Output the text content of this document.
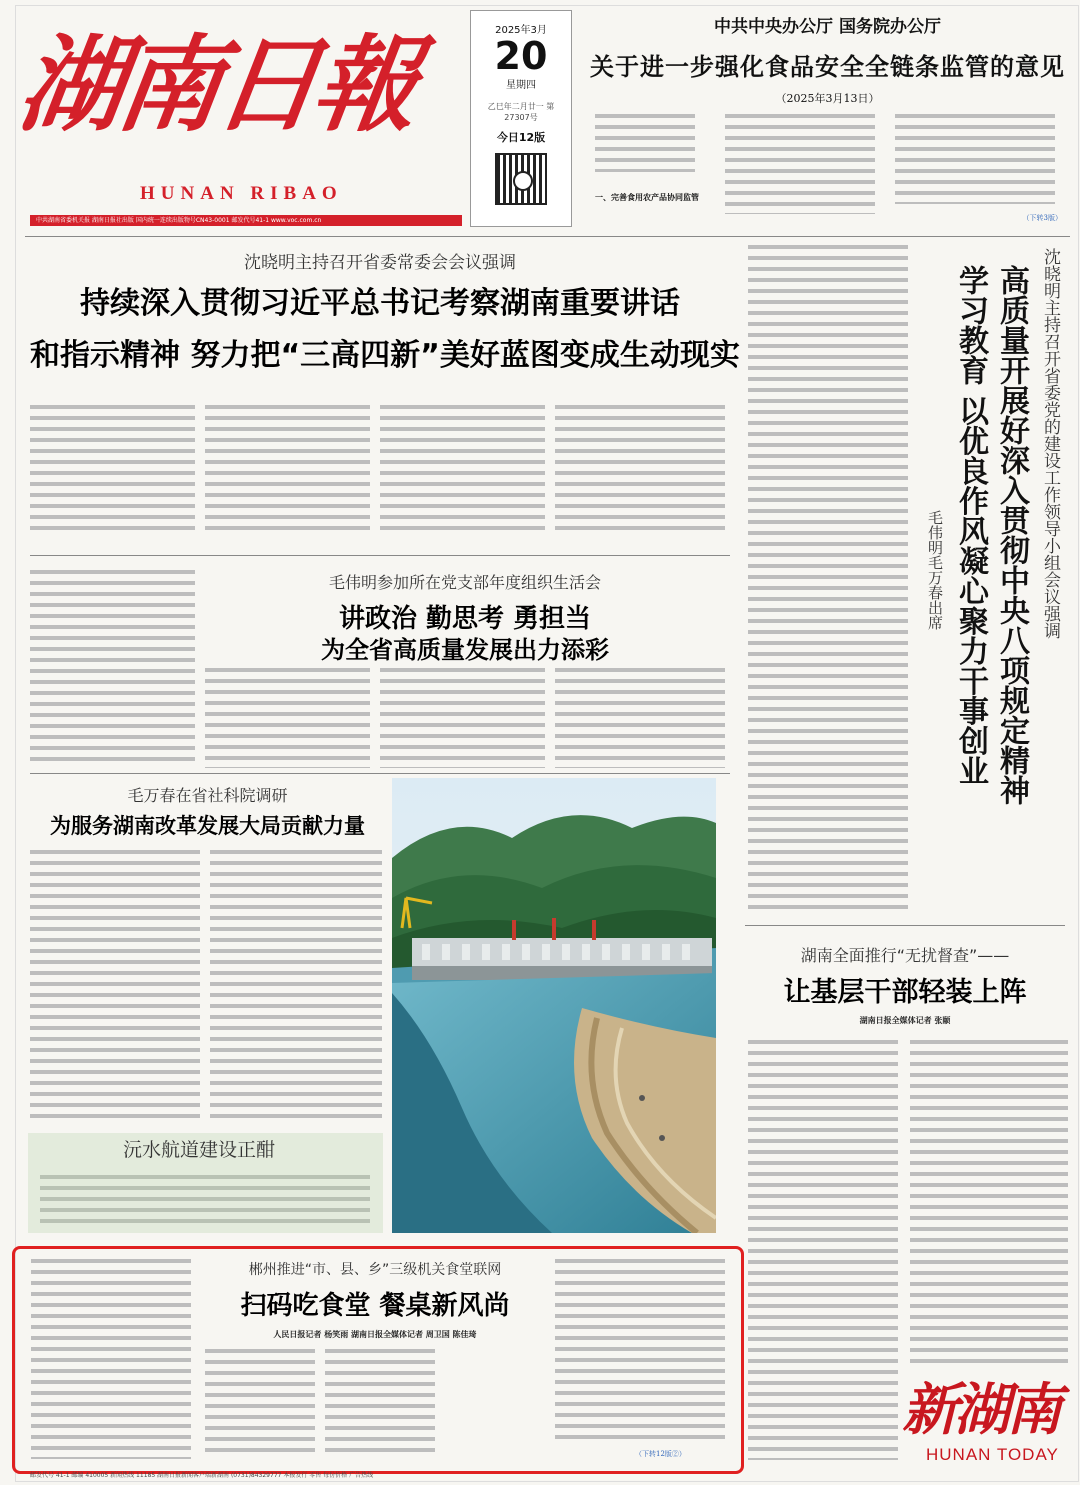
湖南日報
HUNAN RIBAO
中共湖南省委机关报 湖南日报社出版 国内统一连续出版物号CN43-0001 邮发代号41-1 www.voc.com.cn
2025年3月
20
星期四
乙巳年二月廿一 第27307号
今日12版
中共中央办公厅 国务院办公厅
关于进一步强化食品安全全链条监管的意见
（2025年3月13日）
一、完善食用农产品协同监管
（下转3版）
沈晓明主持召开省委常委会会议强调
持续深入贯彻习近平总书记考察湖南重要讲话
和指示精神 努力把“三高四新”美好蓝图变成生动现实
毛伟明参加所在党支部年度组织生活会
讲政治 勤思考 勇担当
为全省高质量发展出力添彩
毛万春在省社科院调研
为服务湖南改革发展大局贡献力量
沅水航道建设正酣
沈晓明主持召开省委党的建设工作领导小组会议强调
高质量开展好深入贯彻中央八项规定精神
学习教育 以优良作风凝心聚力干事创业
毛伟明毛万春出席
湖南全面推行“无扰督查”——
让基层干部轻装上阵
湖南日报全媒体记者 张颐
郴州推进“市、县、乡”三级机关食堂联网
扫码吃食堂 餐桌新风尚
人民日报记者 杨笑雨 湖南日报全媒体记者 周卫国 陈佳琦
（下转12版②）
新湖南
HUNAN TODAY
邮发代号 41-1 邮编 410005 新闻热线 11185 湖南日报新闻客户端新湖南 (0731)84329777 本报发行 零售 每份价格 广告热线
